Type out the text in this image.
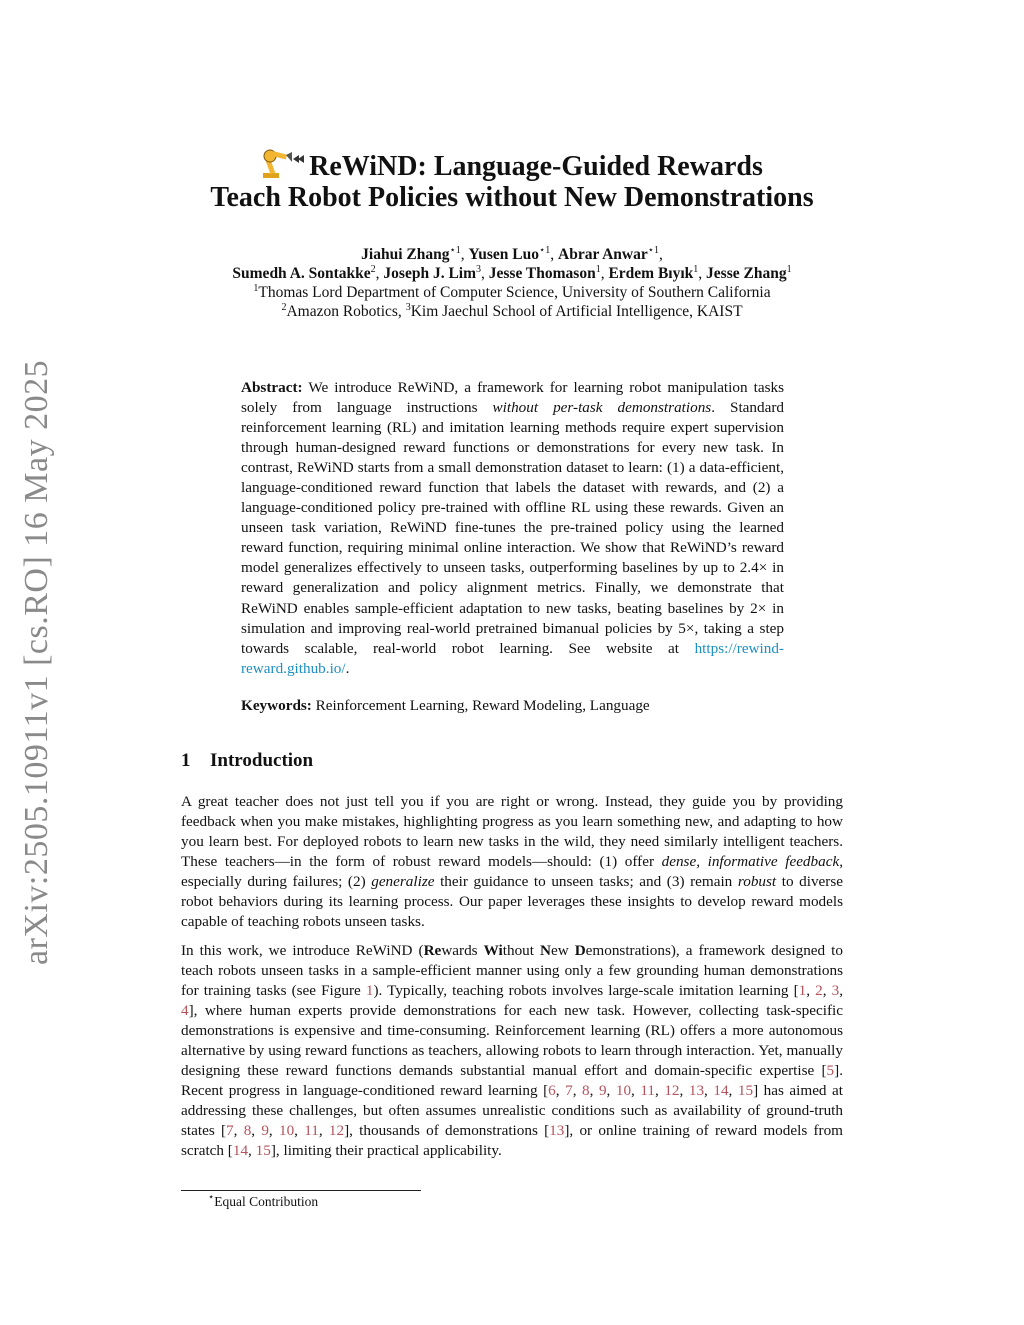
arXiv:2505.10911v1 [cs.RO] 16 May 2025
ReWiND: Language-Guided Rewards
Teach Robot Policies without New Demonstrations
Jiahui Zhang$^{⋆1}$, Yusen Luo$^{⋆1}$, Abrar Anwar$^{⋆1}$,
Sumedh A. Sontakke$^2$, Joseph J. Lim$^3$, Jesse Thomason$^1$, Erdem Bıyık$^1$, Jesse Zhang$^1$
$^1$Thomas Lord Department of Computer Science, University of Southern California
$^2$Amazon Robotics, $^3$Kim Jaechul School of Artificial Intelligence, KAIST
Abstract: We introduce ReWiND, a framework for learning robot manipulation tasks solely from language instructions without per-task demonstrations. Standard reinforcement learning (RL) and imitation learning methods require expert supervision through human-designed reward functions or demonstrations for every new task. In contrast, ReWiND starts from a small demonstration dataset to learn: (1) a data-efficient, language-conditioned reward function that labels the dataset with rewards, and (2) a language-conditioned policy pre-trained with offline RL using these rewards. Given an unseen task variation, ReWiND fine-tunes the pre-trained policy using the learned reward function, requiring minimal online interaction. We show that ReWiND’s reward model generalizes effectively to unseen tasks, outperforming baselines by up to 2.4× in reward generalization and policy alignment metrics. Finally, we demonstrate that ReWiND enables sample-efficient adaptation to new tasks, beating baselines by 2× in simulation and improving real-world pretrained bimanual policies by 5×, taking a step towards scalable, real-world robot learning. See website at https://rewind-reward.github.io/.
Keywords: Reinforcement Learning, Reward Modeling, Language
1 Introduction
A great teacher does not just tell you if you are right or wrong. Instead, they guide you by providing feedback when you make mistakes, highlighting progress as you learn something new, and adapting to how you learn best. For deployed robots to learn new tasks in the wild, they need similarly intelligent teachers. These teachers—in the form of robust reward models—should: (1) offer dense, informative feedback, especially during failures; (2) generalize their guidance to unseen tasks; and (3) remain robust to diverse robot behaviors during its learning process. Our paper leverages these insights to develop reward models capable of teaching robots unseen tasks.
In this work, we introduce ReWiND (Rewards Without New Demonstrations), a framework designed to teach robots unseen tasks in a sample-efficient manner using only a few grounding human demonstrations for training tasks (see Figure 1). Typically, teaching robots involves large-scale imitation learning [1, 2, 3, 4], where human experts provide demonstrations for each new task. However, collecting task-specific demonstrations is expensive and time-consuming. Reinforcement learning (RL) offers a more autonomous alternative by using reward functions as teachers, allowing robots to learn through interaction. Yet, manually designing these reward functions demands substantial manual effort and domain-specific expertise [5]. Recent progress in language-conditioned reward learning [6, 7, 8, 9, 10, 11, 12, 13, 14, 15] has aimed at addressing these challenges, but often assumes unrealistic conditions such as availability of ground-truth states [7, 8, 9, 10, 11, 12], thousands of demonstrations [13], or online training of reward models from scratch [14, 15], limiting their practical applicability.
⋆Equal Contribution
